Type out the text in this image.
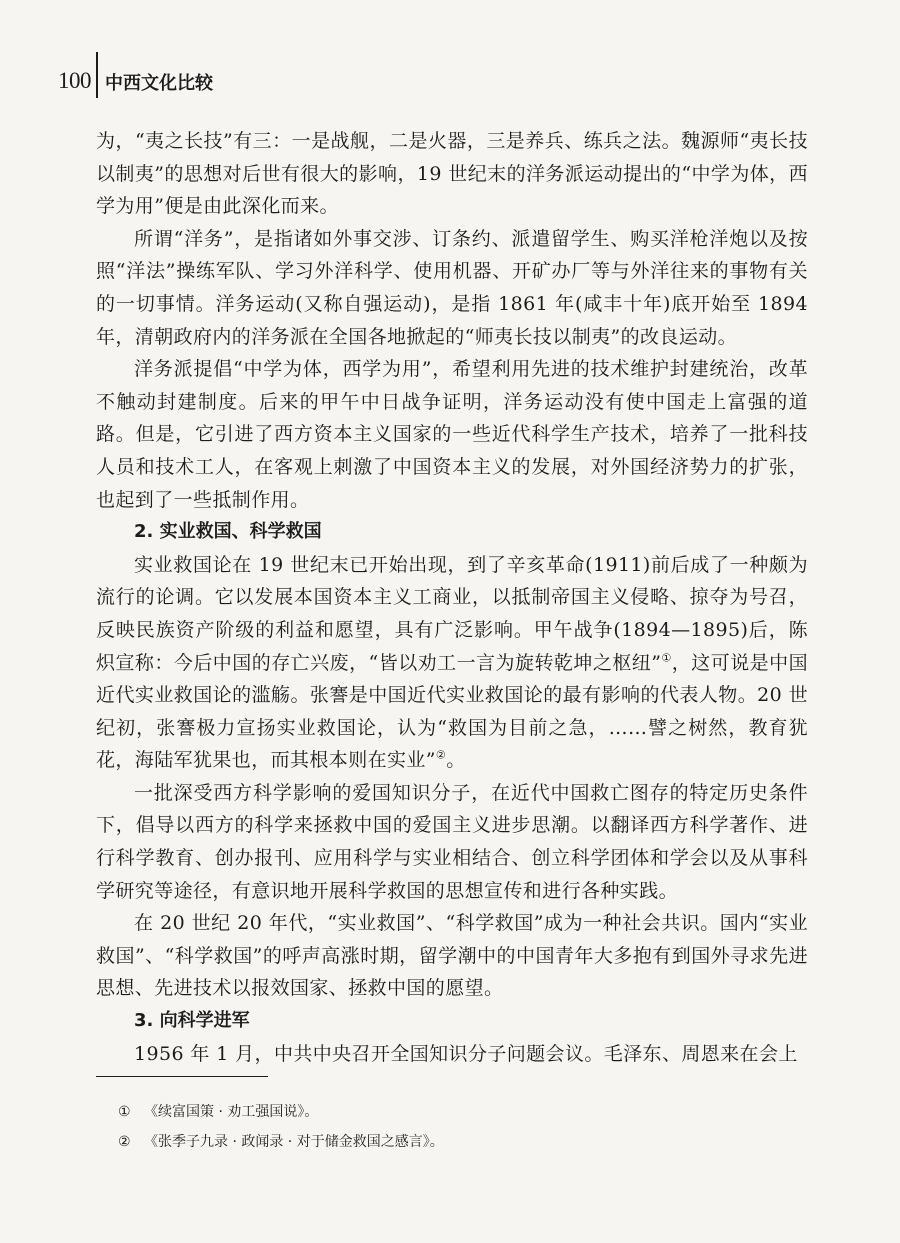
100 中西文化比较

为，“夷之长技”有三：一是战舰，二是火器，三是养兵、练兵之法。魏源师“夷长技以制夷”的思想对后世有很大的影响，19 世纪末的洋务派运动提出的“中学为体，西学为用”便是由此深化而来。

所谓“洋务”，是指诸如外事交涉、订条约、派遣留学生、购买洋枪洋炮以及按照“洋法”操练军队、学习外洋科学、使用机器、开矿办厂等与外洋往来的事物有关的一切事情。洋务运动(又称自强运动)，是指 1861 年(咸丰十年)底开始至 1894 年，清朝政府内的洋务派在全国各地掀起的“师夷长技以制夷”的改良运动。

洋务派提倡“中学为体，西学为用”，希望利用先进的技术维护封建统治，改革不触动封建制度。后来的甲午中日战争证明，洋务运动没有使中国走上富强的道路。但是，它引进了西方资本主义国家的一些近代科学生产技术，培养了一批科技人员和技术工人，在客观上刺激了中国资本主义的发展，对外国经济势力的扩张，也起到了一些抵制作用。

2. 实业救国、科学救国

实业救国论在 19 世纪末已开始出现，到了辛亥革命(1911)前后成了一种颇为流行的论调。它以发展本国资本主义工商业，以抵制帝国主义侵略、掠夺为号召，反映民族资产阶级的利益和愿望，具有广泛影响。甲午战争(1894—1895)后，陈炽宣称：今后中国的存亡兴废，“皆以劝工一言为旋转乾坤之枢纽”①，这可说是中国近代实业救国论的滥觞。张謇是中国近代实业救国论的最有影响的代表人物。20 世纪初，张謇极力宣扬实业救国论，认为“救国为目前之急，……譬之树然，教育犹花，海陆军犹果也，而其根本则在实业”②。

一批深受西方科学影响的爱国知识分子，在近代中国救亡图存的特定历史条件下，倡导以西方的科学来拯救中国的爱国主义进步思潮。以翻译西方科学著作、进行科学教育、创办报刊、应用科学与实业相结合、创立科学团体和学会以及从事科学研究等途径，有意识地开展科学救国的思想宣传和进行各种实践。

在 20 世纪 20 年代，“实业救国”、“科学救国”成为一种社会共识。国内“实业救国”、“科学救国”的呼声高涨时期，留学潮中的中国青年大多抱有到国外寻求先进思想、先进技术以报效国家、拯救中国的愿望。

3. 向科学进军

1956 年 1 月，中共中央召开全国知识分子问题会议。毛泽东、周恩来在会上

① 《续富国策 · 劝工强国说》。

② 《张季子九录 · 政闻录 · 对于储金救国之感言》。
